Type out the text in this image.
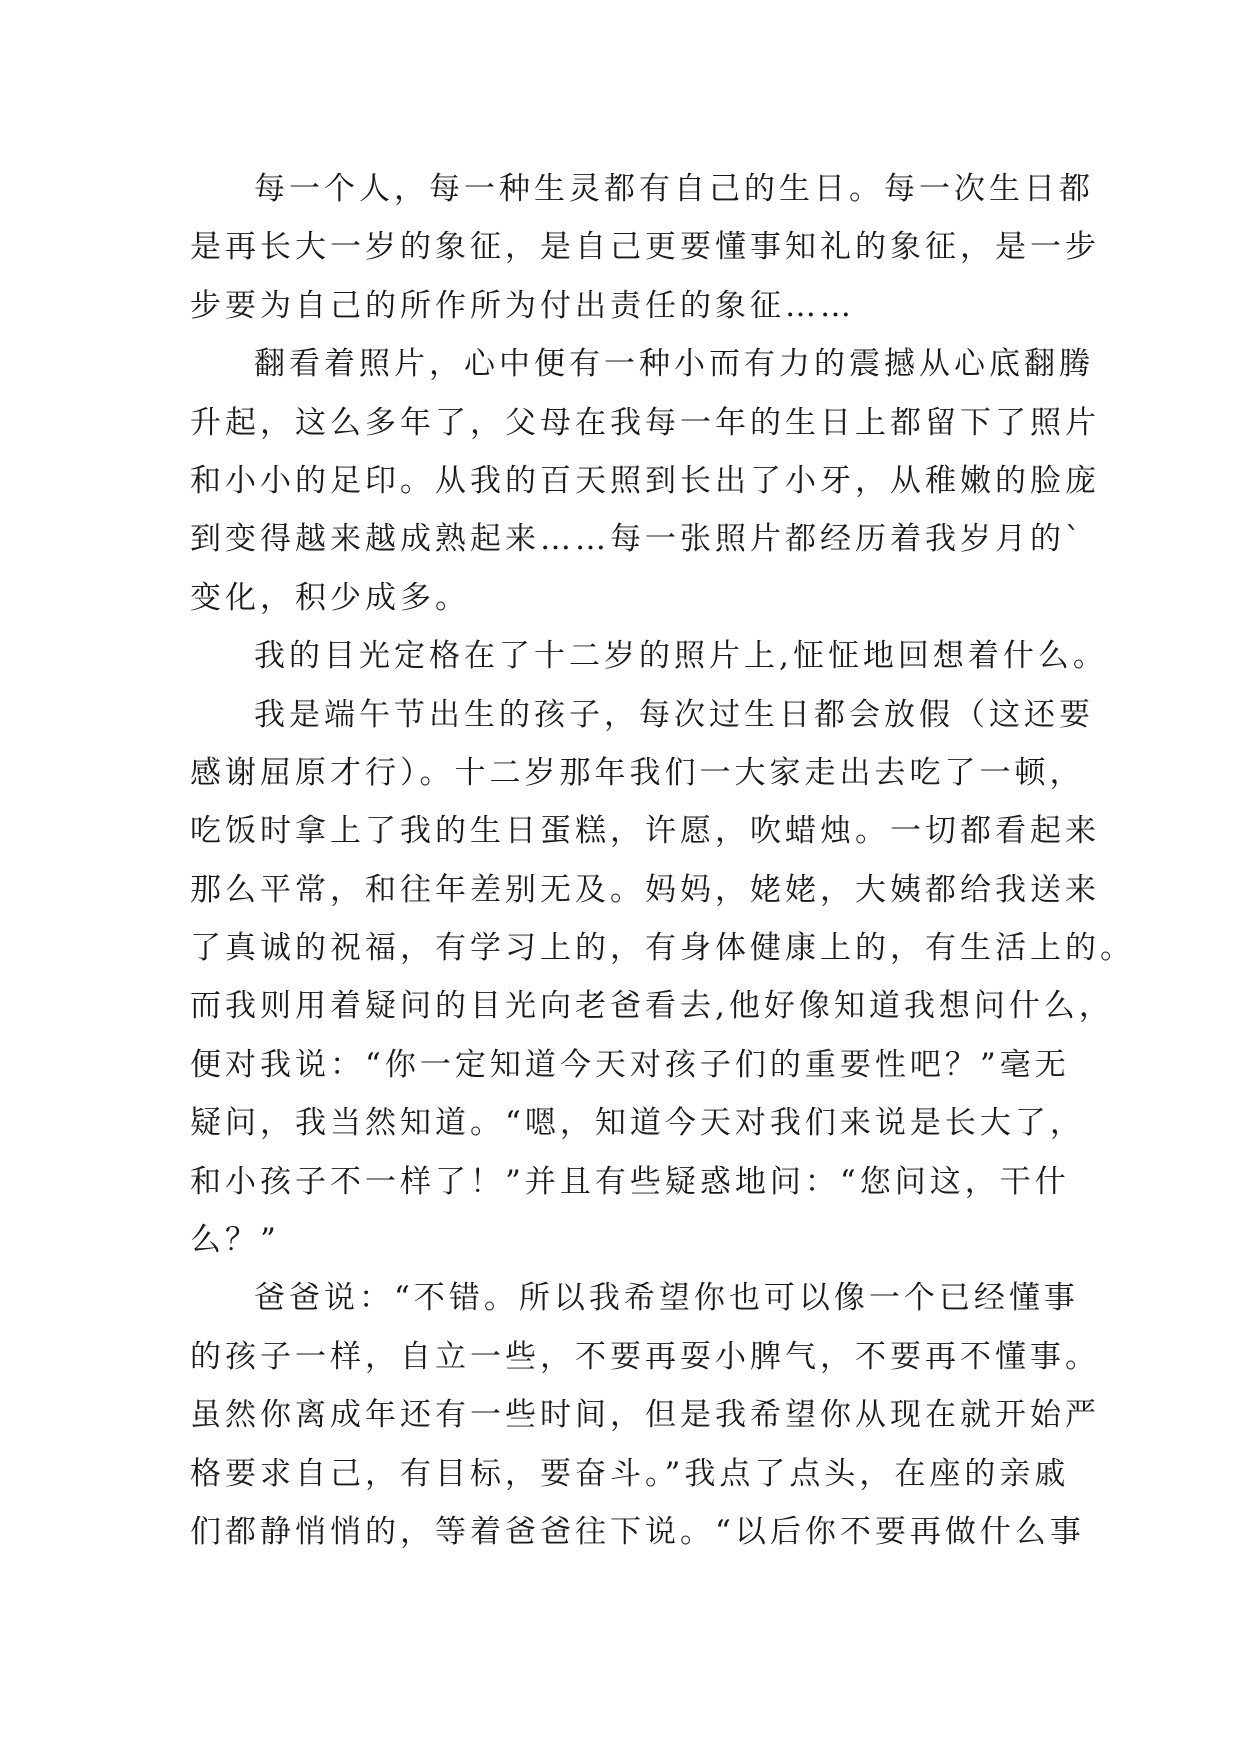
每一个人，每一种生灵都有自己的生日。每一次生日都
是再长大一岁的象征，是自己更要懂事知礼的象征，是一步
步要为自己的所作所为付出责任的象征……
翻看着照片，心中便有一种小而有力的震撼从心底翻腾
升起，这么多年了，父母在我每一年的生日上都留下了照片
和小小的足印。从我的百天照到长出了小牙，从稚嫩的脸庞
到变得越来越成熟起来……每一张照片都经历着我岁月的`
变化，积少成多。
我的目光定格在了十二岁的照片上,怔怔地回想着什么。
我是端午节出生的孩子，每次过生日都会放假（这还要
感谢屈原才行）。十二岁那年我们一大家走出去吃了一顿，
吃饭时拿上了我的生日蛋糕，许愿，吹蜡烛。一切都看起来
那么平常，和往年差别无及。妈妈，姥姥，大姨都给我送来
了真诚的祝福，有学习上的，有身体健康上的，有生活上的。
而我则用着疑问的目光向老爸看去,他好像知道我想问什么，
便对我说：“你一定知道今天对孩子们的重要性吧？”毫无
疑问，我当然知道。“嗯，知道今天对我们来说是长大了，
和小孩子不一样了！”并且有些疑惑地问：“您问这，干什
么？”
爸爸说：“不错。所以我希望你也可以像一个已经懂事
的孩子一样，自立一些，不要再耍小脾气，不要再不懂事。
虽然你离成年还有一些时间，但是我希望你从现在就开始严
格要求自己，有目标，要奋斗。”我点了点头，在座的亲戚
们都静悄悄的，等着爸爸往下说。“以后你不要再做什么事
